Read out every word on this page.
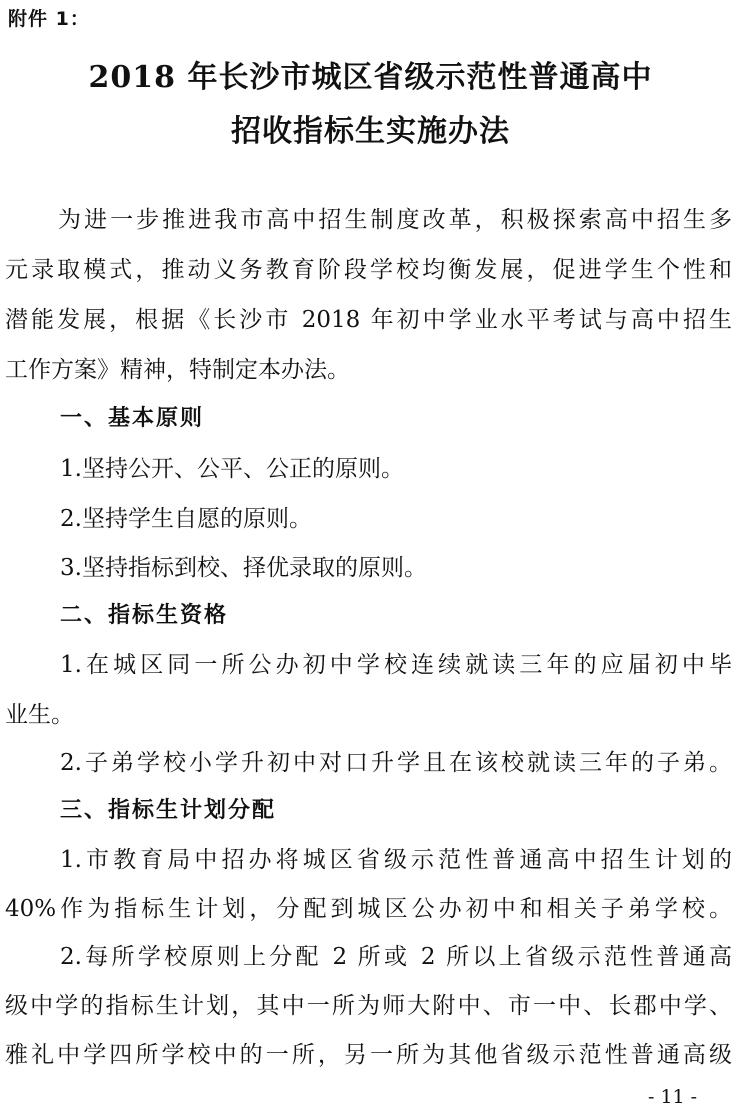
附件 1：
2018 年长沙市城区省级示范性普通高中
招收指标生实施办法
为进一步推进我市高中招生制度改革，积极探索高中招生多
元录取模式，推动义务教育阶段学校均衡发展，促进学生个性和
潜能发展，根据《长沙市 2018 年初中学业水平考试与高中招生
工作方案》精神，特制定本办法。
一、基本原则
1.坚持公开、公平、公正的原则。
2.坚持学生自愿的原则。
3.坚持指标到校、择优录取的原则。
二、指标生资格
1.在城区同一所公办初中学校连续就读三年的应届初中毕
业生。
2.子弟学校小学升初中对口升学且在该校就读三年的子弟。
三、指标生计划分配
1.市教育局中招办将城区省级示范性普通高中招生计划的
40%作为指标生计划，分配到城区公办初中和相关子弟学校。
2.每所学校原则上分配 2 所或 2 所以上省级示范性普通高
级中学的指标生计划，其中一所为师大附中、市一中、长郡中学、
雅礼中学四所学校中的一所，另一所为其他省级示范性普通高级
- 11 -
